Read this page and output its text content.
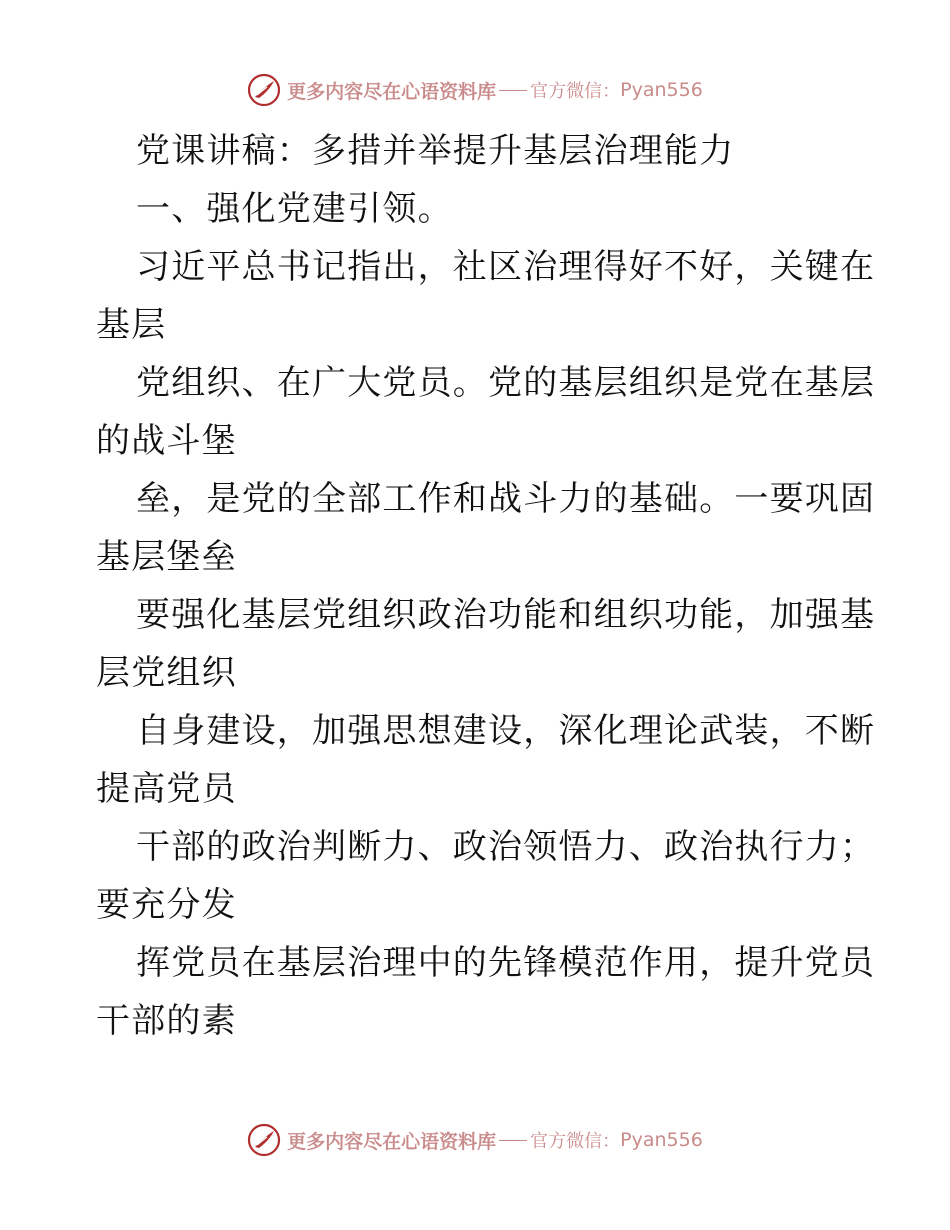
更多内容尽在心语资料库 官方微信： Pyan556
党课讲稿：多措并举提升基层治理能力
一、强化党建引领。
习近平总书记指出，社区治理得好不好，关键在
基层
党组织、在广大党员。党的基层组织是党在基层
的战斗堡
垒，是党的全部工作和战斗力的基础。一要巩固
基层堡垒
要强化基层党组织政治功能和组织功能，加强基
层党组织
自身建设，加强思想建设，深化理论武装，不断
提高党员
干部的政治判断力、政治领悟力、政治执行力；
要充分发
挥党员在基层治理中的先锋模范作用，提升党员
干部的素
更多内容尽在心语资料库 官方微信： Pyan556
